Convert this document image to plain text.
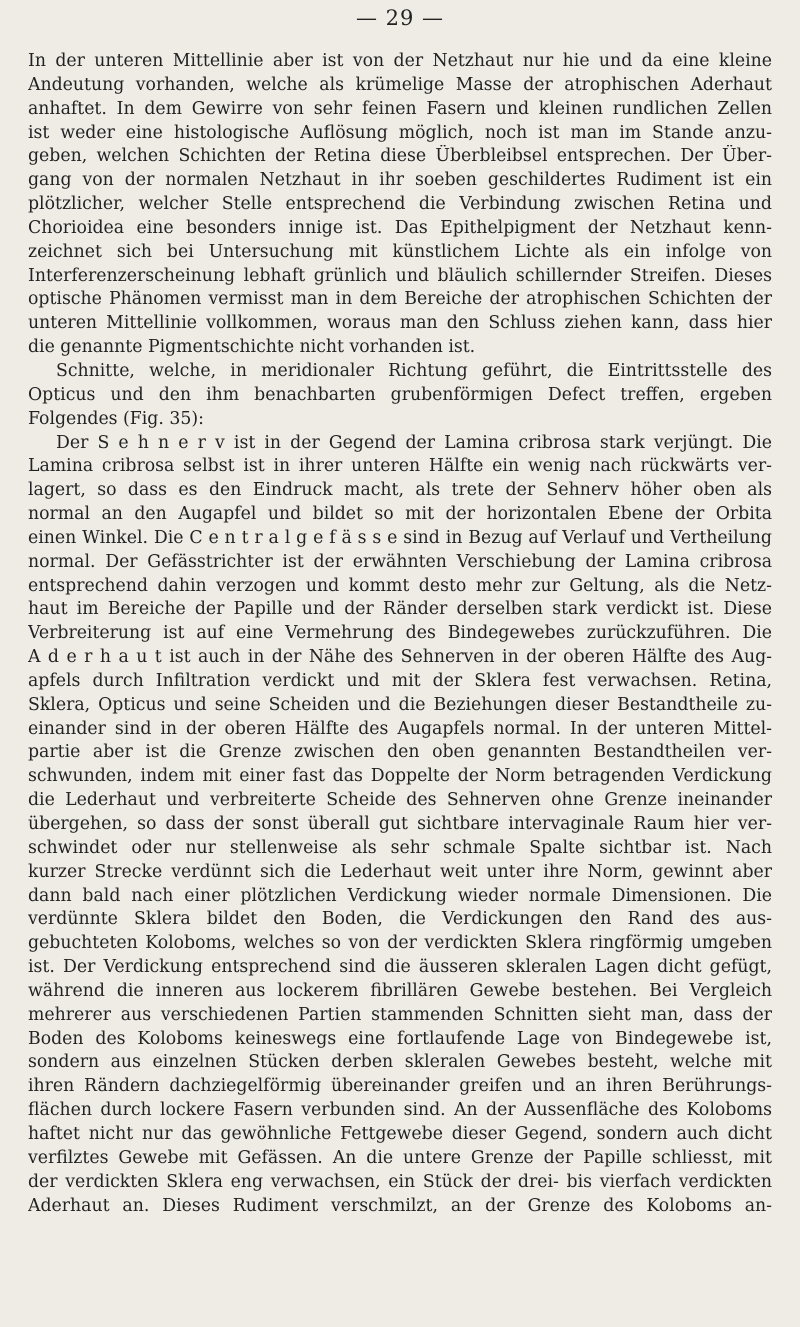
— 29 —
In der unteren Mittellinie aber ist von der Netzhaut nur hie und da eine kleine
Andeutung vorhanden, welche als krümelige Masse der atrophischen Aderhaut
anhaftet. In dem Gewirre von sehr feinen Fasern und kleinen rundlichen Zellen
ist weder eine histologische Auflösung möglich, noch ist man im Stande anzu-
geben, welchen Schichten der Retina diese Überbleibsel entsprechen. Der Über-
gang von der normalen Netzhaut in ihr soeben geschildertes Rudiment ist ein
plötzlicher, welcher Stelle entsprechend die Verbindung zwischen Retina und
Chorioidea eine besonders innige ist. Das Epithelpigment der Netzhaut kenn-
zeichnet sich bei Untersuchung mit künstlichem Lichte als ein infolge von
Interferenzerscheinung lebhaft grünlich und bläulich schillernder Streifen. Dieses
optische Phänomen vermisst man in dem Bereiche der atrophischen Schichten der
unteren Mittellinie vollkommen, woraus man den Schluss ziehen kann, dass hier
die genannte Pigmentschichte nicht vorhanden ist.
Schnitte, welche, in meridionaler Richtung geführt, die Eintrittsstelle des
Opticus und den ihm benachbarten grubenförmigen Defect treffen, ergeben
Folgendes (Fig. 35):
Der S e h n e r v ist in der Gegend der Lamina cribrosa stark verjüngt. Die
Lamina cribrosa selbst ist in ihrer unteren Hälfte ein wenig nach rückwärts ver-
lagert, so dass es den Eindruck macht, als trete der Sehnerv höher oben als
normal an den Augapfel und bildet so mit der horizontalen Ebene der Orbita
einen Winkel. Die C e n t r a l g e f ä s s e sind in Bezug auf Verlauf und Vertheilung
normal. Der Gefässtrichter ist der erwähnten Verschiebung der Lamina cribrosa
entsprechend dahin verzogen und kommt desto mehr zur Geltung, als die Netz-
haut im Bereiche der Papille und der Ränder derselben stark verdickt ist. Diese
Verbreiterung ist auf eine Vermehrung des Bindegewebes zurückzuführen. Die
A d e r h a u t ist auch in der Nähe des Sehnerven in der oberen Hälfte des Aug-
apfels durch Infiltration verdickt und mit der Sklera fest verwachsen. Retina,
Sklera, Opticus und seine Scheiden und die Beziehungen dieser Bestandtheile zu-
einander sind in der oberen Hälfte des Augapfels normal. In der unteren Mittel-
partie aber ist die Grenze zwischen den oben genannten Bestandtheilen ver-
schwunden, indem mit einer fast das Doppelte der Norm betragenden Verdickung
die Lederhaut und verbreiterte Scheide des Sehnerven ohne Grenze ineinander
übergehen, so dass der sonst überall gut sichtbare intervaginale Raum hier ver-
schwindet oder nur stellenweise als sehr schmale Spalte sichtbar ist. Nach
kurzer Strecke verdünnt sich die Lederhaut weit unter ihre Norm, gewinnt aber
dann bald nach einer plötzlichen Verdickung wieder normale Dimensionen. Die
verdünnte Sklera bildet den Boden, die Verdickungen den Rand des aus-
gebuchteten Koloboms, welches so von der verdickten Sklera ringförmig umgeben
ist. Der Verdickung entsprechend sind die äusseren skleralen Lagen dicht gefügt,
während die inneren aus lockerem fibrillären Gewebe bestehen. Bei Vergleich
mehrerer aus verschiedenen Partien stammenden Schnitten sieht man, dass der
Boden des Koloboms keineswegs eine fortlaufende Lage von Bindegewebe ist,
sondern aus einzelnen Stücken derben skleralen Gewebes besteht, welche mit
ihren Rändern dachziegelförmig übereinander greifen und an ihren Berührungs-
flächen durch lockere Fasern verbunden sind. An der Aussenfläche des Koloboms
haftet nicht nur das gewöhnliche Fettgewebe dieser Gegend, sondern auch dicht
verfilztes Gewebe mit Gefässen. An die untere Grenze der Papille schliesst, mit
der verdickten Sklera eng verwachsen, ein Stück der drei- bis vierfach verdickten
Aderhaut an. Dieses Rudiment verschmilzt, an der Grenze des Koloboms an-
